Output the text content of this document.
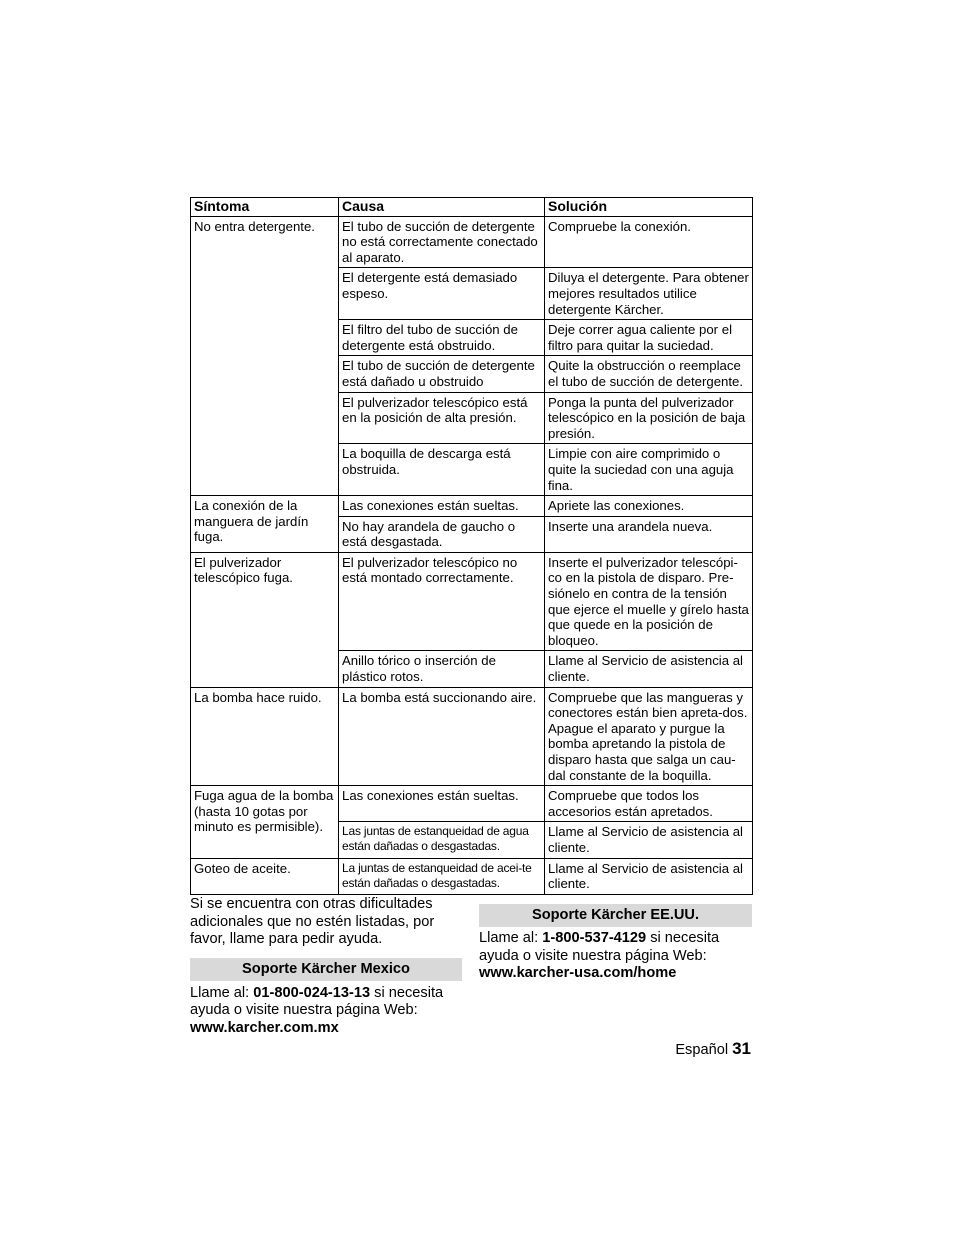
Síntoma	Causa	Solución
No entra detergente.	El tubo de succión de detergente no está correctamente conectado al aparato.	Compruebe la conexión.
	El detergente está demasiado espeso.	Diluya el detergente. Para obtener mejores resultados utilice detergente Kärcher.
	El filtro del tubo de succión de detergente está obstruido.	Deje correr agua caliente por el filtro para quitar la suciedad.
	El tubo de succión de detergente está dañado u obstruido	Quite la obstrucción o reemplace el tubo de succión de detergente.
	El pulverizador telescópico está en la posición de alta presión.	Ponga la punta del pulverizador telescópico en la posición de baja presión.
	La boquilla de descarga está obstruida.	Limpie con aire comprimido o quite la suciedad con una aguja fina.
La conexión de la manguera de jardín fuga.	Las conexiones están sueltas.	Apriete las conexiones.
	No hay arandela de gaucho o está desgastada.	Inserte una arandela nueva.
El pulverizador telescópico fuga.	El pulverizador telescópico no está montado correctamente.	Inserte el pulverizador telescópi-co en la pistola de disparo. Pre-siónelo en contra de la tensión que ejerce el muelle y gírelo hasta que quede en la posición de bloqueo.
	Anillo tórico o inserción de plástico rotos.	Llame al Servicio de asistencia al cliente.
La bomba hace ruido.	La bomba está succionando aire.	Compruebe que las mangueras y conectores están bien apreta-dos. Apague el aparato y purgue la bomba apretando la pistola de disparo hasta que salga un cau-dal constante de la boquilla.
Fuga agua de la bomba (hasta 10 gotas por minuto es permisible).	Las conexiones están sueltas.	Compruebe que todos los accesorios están apretados.
	Las juntas de estanqueidad de agua están dañadas o desgastadas.	Llame al Servicio de asistencia al cliente.
Goteo de aceite.	La juntas de estanqueidad de acei-te están dañadas o desgastadas.	Llame al Servicio de asistencia al cliente.

Si se encuentra con otras dificultades adicionales que no estén listadas, por favor, llame para pedir ayuda.

Soporte Kärcher Mexico

Llame al: 01-800-024-13-13 si necesita ayuda o visite nuestra página Web:
www.karcher.com.mx

Soporte Kärcher EE.UU.

Llame al: 1-800-537-4129 si necesita ayuda o visite nuestra página Web:
www.karcher-usa.com/home

Español 31
